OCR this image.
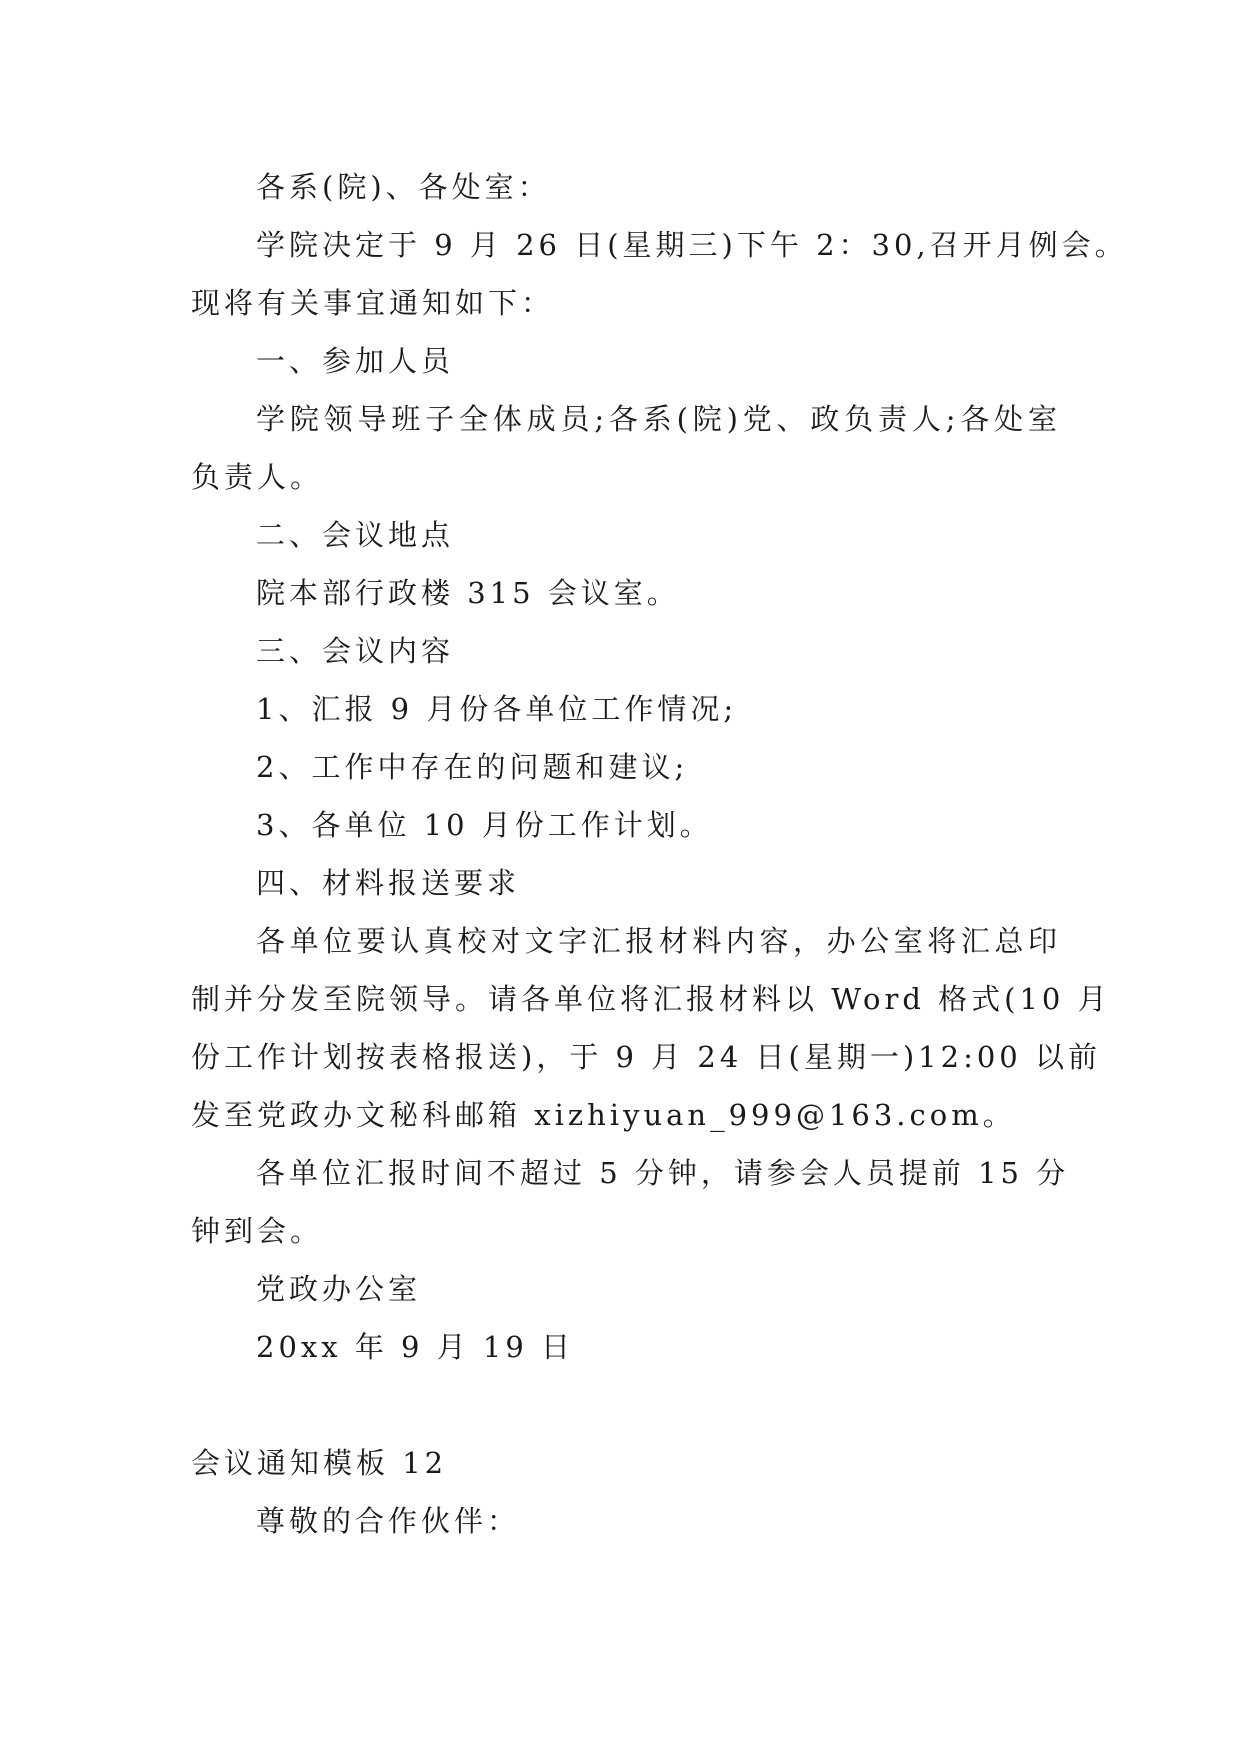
各系(院)、各处室：
学院决定于 9 月 26 日(星期三)下午 2：30,召开月例会。
现将有关事宜通知如下：
一、参加人员
学院领导班子全体成员;各系(院)党、政负责人;各处室
负责人。
二、会议地点
院本部行政楼 315 会议室。
三、会议内容
1、汇报 9 月份各单位工作情况;
2、工作中存在的问题和建议;
3、各单位 10 月份工作计划。
四、材料报送要求
各单位要认真校对文字汇报材料内容，办公室将汇总印
制并分发至院领导。请各单位将汇报材料以 Word 格式(10 月
份工作计划按表格报送)，于 9 月 24 日(星期一)12:00 以前
发至党政办文秘科邮箱 xizhiyuan_999@163.com。
各单位汇报时间不超过 5 分钟，请参会人员提前 15 分
钟到会。
党政办公室
20xx 年 9 月 19 日
会议通知模板 12
尊敬的合作伙伴：
